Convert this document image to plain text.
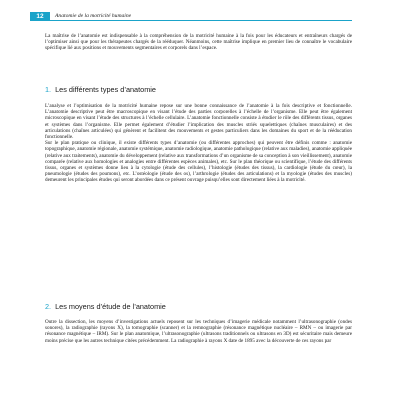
12	Anatomie de la motricité humaine

La maîtrise de l’anatomie est indispensable à la compréhension de la motricité humaine à la fois pour les éducateurs et entraîneurs chargés de l’optimiser ainsi que pour les thérapeutes chargés de la rééduquer. Néanmoins, cette maîtrise implique en premier lieu de connaître le vocabulaire spécifique lié aux positions et mouvements segmentaires et corporels dans l’espace.

1. Les différents types d’anatomie

L’analyse et l’optimisation de la motricité humaine repose sur une bonne connaissance de l’anatomie à la fois descriptive et fonctionnelle. L’anatomie descriptive peut être macroscopique en visant l’étude des parties corporelles à l’échelle de l’organisme. Elle peut être également microscopique en visant l’étude des structures à l’échelle cellulaire. L’anatomie fonctionnelle consiste à étudier le rôle des différents tissus, organes et systèmes dans l’organisme. Elle permet également d’étudier l’implication des muscles striés squelettiques (chaînes musculaires) et des articulations (chaînes articulées) qui génèrent et facilitent des mouvements et gestes particuliers dans les domaines du sport et de la rééducation fonctionnelle.

Sur le plan pratique ou clinique, il existe différents types d’anatomie (ou différentes approches) qui peuvent être définis comme : anatomie topographique, anatomie régionale, anatomie systémique, anatomie radiologique, anatomie pathologique (relative aux maladies), anatomie appliquée (relative aux traitements), anatomie du développement (relative aux transformations d’un organisme de sa conception à son vieillissement), anatomie comparée (relative aux homologies et analogies entre différentes espèces animales), etc. Sur le plan théorique ou scientifique, l’étude des différents tissus, organes et systèmes donne lieu à la cytologie (étude des cellules), l’histologie (études des tissus), la cardiologie (étude du cœur), la pneumologie (études des poumons), etc. L’ostéologie (étude des os), l’arthrologie (études des articulations) et la myologie (études des muscles) demeurent les principales études qui seront abordées dans ce présent ouvrage puisqu’elles sont directement liées à la motricité.

2. Les moyens d’étude de l’anatomie

Outre la dissection, les moyens d’investigations actuels reposent sur les techniques d’imagerie médicale notamment l’ultrasonographie (ondes sonores), la radiographie (rayons X), la tomographie (scanner) et la remnographie (résonance magnétique nucléaire – RMN – ou imagerie par résonance magnétique – IRM). Sur le plan anatomique, l’ultrasonographie (ultrasons traditionnels ou ultrasons en 3D) est sécuritaire mais demeure moins précise que les autres technique citées précédemment. La radiographie à rayons X date de 1895 avec la découverte de ces rayons par
